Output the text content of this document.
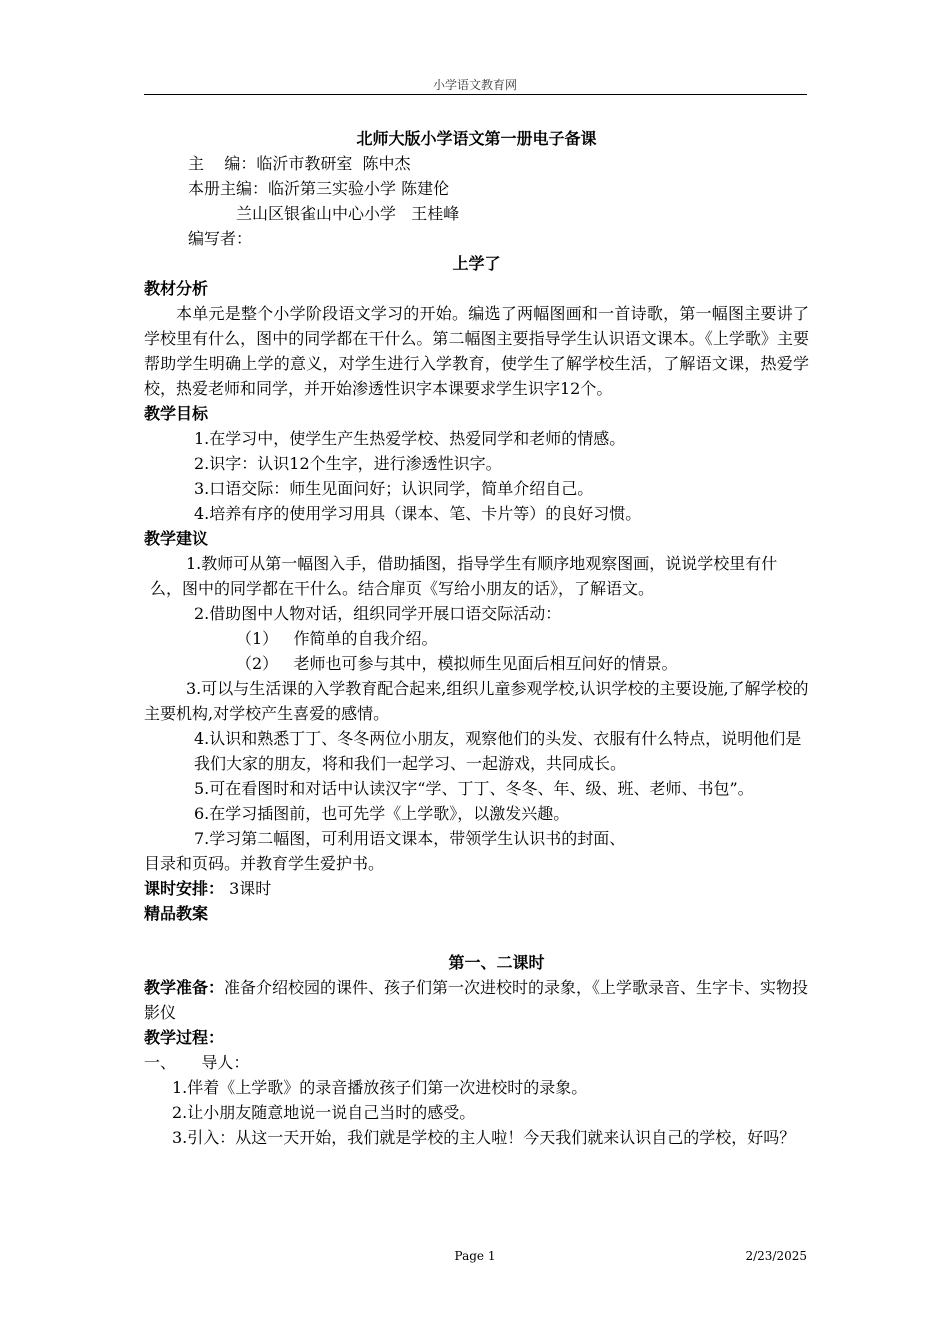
小学语文教育网

北师大版小学语文第一册电子备课

主    编：临沂市教研室  陈中杰

本册主编：临沂第三实验小学 陈建伦

兰山区银雀山中心小学   王桂峰

编写者：

上学了

教材分析

本单元是整个小学阶段语文学习的开始。编选了两幅图画和一首诗歌，第一幅图主要讲了学校里有什么，图中的同学都在干什么。第二幅图主要指导学生认识语文课本。《上学歌》主要帮助学生明确上学的意义，对学生进行入学教育，使学生了解学校生活，了解语文课，热爱学校，热爱老师和同学，并开始渗透性识字本课要求学生识字12个。

教学目标

1.在学习中，使学生产生热爱学校、热爱同学和老师的情感。

2.识字：认识12个生字，进行渗透性识字。

3.口语交际：师生见面问好；认识同学，简单介绍自己。

4.培养有序的使用学习用具（课本、笔、卡片等）的良好习惯。

教学建议

1.教师可从第一幅图入手，借助插图，指导学生有顺序地观察图画，说说学校里有什么，图中的同学都在干什么。结合扉页《写给小朋友的话》，了解语文。

2.借助图中人物对话，组织同学开展口语交际活动：

（1）   作简单的自我介绍。

（2）   老师也可参与其中，模拟师生见面后相互问好的情景。

3.可以与生活课的入学教育配合起来,组织儿童参观学校,认识学校的主要设施,了解学校的主要机构,对学校产生喜爱的感情。

4.认识和熟悉丁丁、冬冬两位小朋友，观察他们的头发、衣服有什么特点，说明他们是我们大家的朋友，将和我们一起学习、一起游戏，共同成长。

5.可在看图时和对话中认读汉字“学、丁丁、冬冬、年、级、班、老师、书包”。

6.在学习插图前，也可先学《上学歌》，以激发兴趣。

7.学习第二幅图，可利用语文课本，带领学生认识书的封面、

目录和页码。并教育学生爱护书。

课时安排： 3课时

精品教案

第一、二课时

教学准备：准备介绍校园的课件、孩子们第一次进校时的录象，《上学歌录音、生字卡、实物投影仪

教学过程：

一、     导人：

1.伴着《上学歌》的录音播放孩子们第一次进校时的录象。

2.让小朋友随意地说一说自己当时的感受。

3.引入：从这一天开始，我们就是学校的主人啦！今天我们就来认识自己的学校，好吗？

Page 1	2/23/2025
